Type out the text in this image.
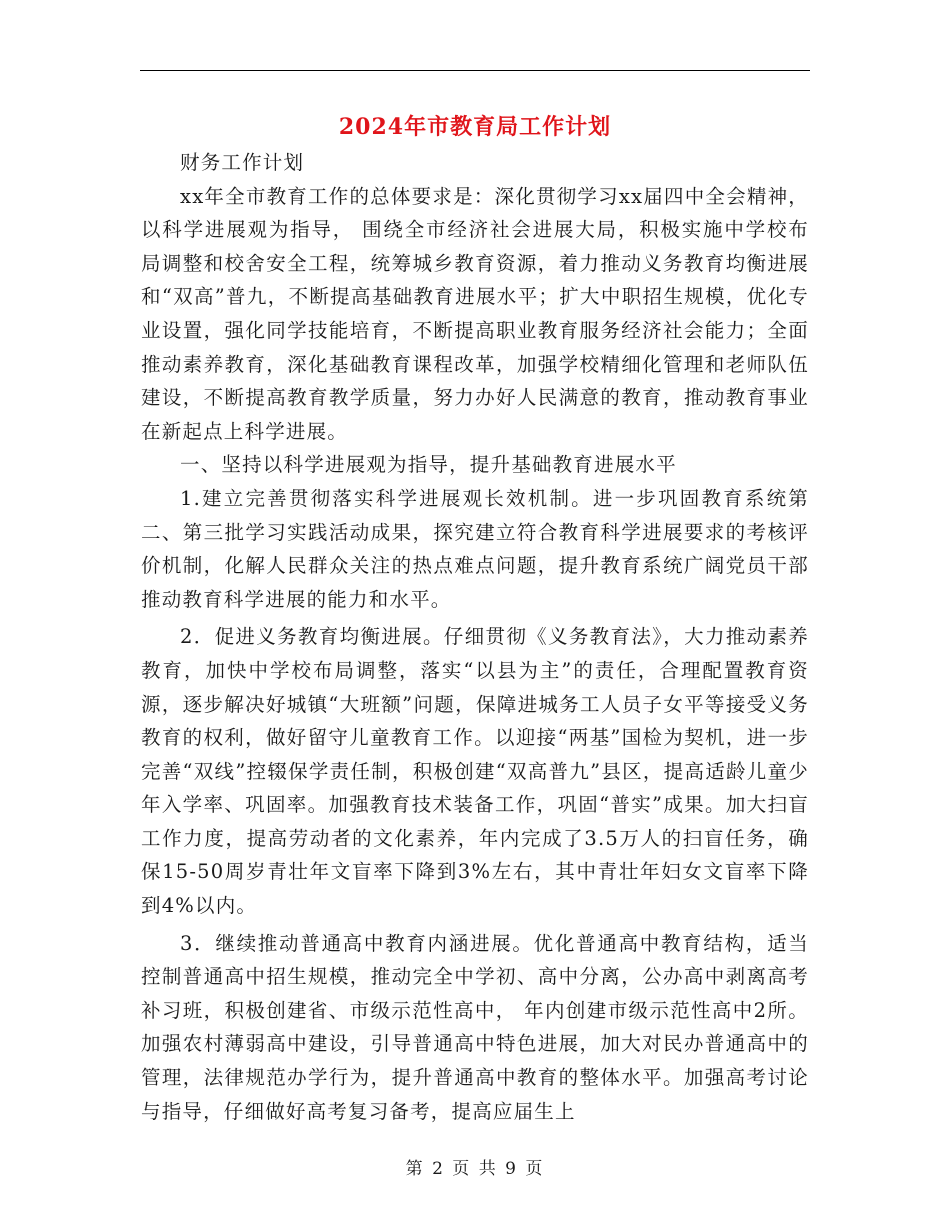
2024年市教育局工作计划

财务工作计划

xx年全市教育工作的总体要求是：深化贯彻学习xx届四中全会精神，以科学进展观为指导， 围绕全市经济社会进展大局，积极实施中学校布局调整和校舍安全工程，统筹城乡教育资源，着力推动义务教育均衡进展和“双高”普九，不断提高基础教育进展水平；扩大中职招生规模，优化专业设置，强化同学技能培育，不断提高职业教育服务经济社会能力；全面推动素养教育，深化基础教育课程改革，加强学校精细化管理和老师队伍建设，不断提高教育教学质量，努力办好人民满意的教育，推动教育事业在新起点上科学进展。

一、坚持以科学进展观为指导，提升基础教育进展水平

1.建立完善贯彻落实科学进展观长效机制。进一步巩固教育系统第二、第三批学习实践活动成果，探究建立符合教育科学进展要求的考核评价机制，化解人民群众关注的热点难点问题，提升教育系统广阔党员干部推动教育科学进展的能力和水平。

2．促进义务教育均衡进展。仔细贯彻《义务教育法》，大力推动素养教育，加快中学校布局调整，落实“以县为主”的责任，合理配置教育资源，逐步解决好城镇“大班额”问题，保障进城务工人员子女平等接受义务教育的权利，做好留守儿童教育工作。以迎接“两基”国检为契机，进一步完善“双线”控辍保学责任制，积极创建“双高普九”县区，提高适龄儿童少年入学率、巩固率。加强教育技术装备工作，巩固“普实”成果。加大扫盲工作力度，提高劳动者的文化素养，年内完成了3.5万人的扫盲任务，确保15-50周岁青壮年文盲率下降到3%左右，其中青壮年妇女文盲率下降到4%以内。

3．继续推动普通高中教育内涵进展。优化普通高中教育结构，适当控制普通高中招生规模，推动完全中学初、高中分离，公办高中剥离高考补习班，积极创建省、市级示范性高中， 年内创建市级示范性高中2所。加强农村薄弱高中建设，引导普通高中特色进展，加大对民办普通高中的管理，法律规范办学行为，提升普通高中教育的整体水平。加强高考讨论与指导，仔细做好高考复习备考，提高应届生上

第 2 页 共 9 页
